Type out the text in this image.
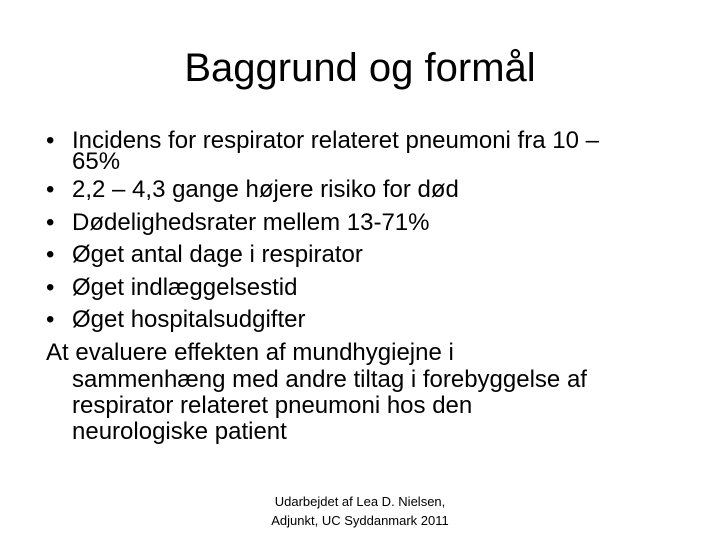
Baggrund og formål
• Incidens for respirator relateret pneumoni fra 10 –
65%
• 2,2 – 4,3 gange højere risiko for død
• Dødelighedsrater mellem 13-71%
• Øget antal dage i respirator
• Øget indlæggelsestid
• Øget hospitalsudgifter
At evaluere effekten af mundhygiejne i
sammenhæng med andre tiltag i forebyggelse af
respirator relateret pneumoni hos den
neurologiske patient
Udarbejdet af Lea D. Nielsen,
Adjunkt, UC Syddanmark 2011
